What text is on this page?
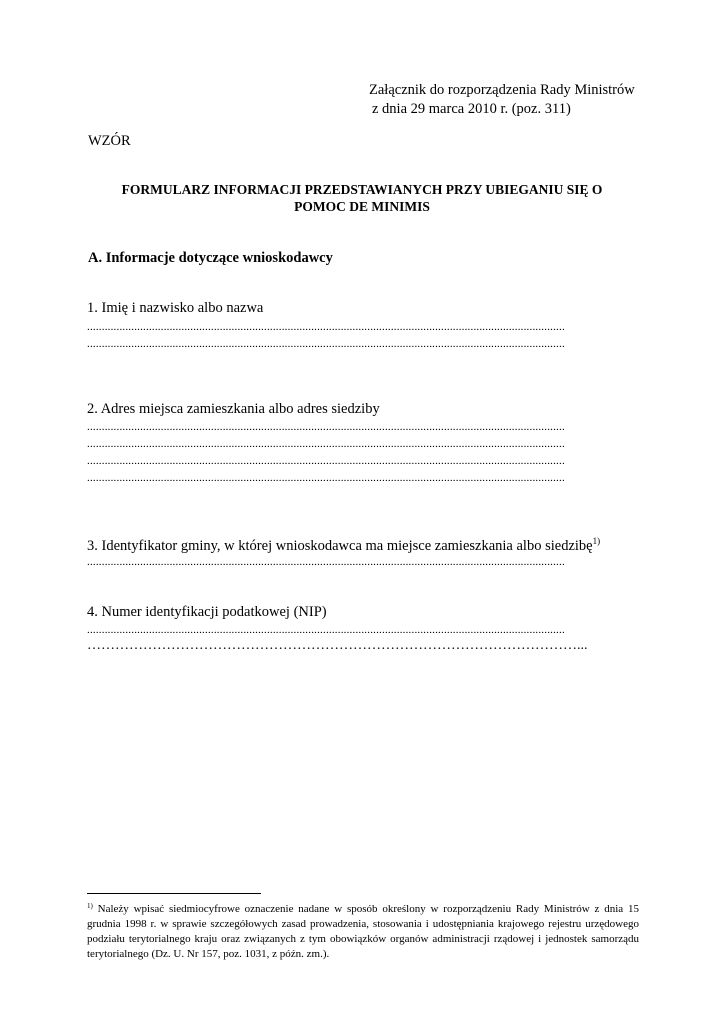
Załącznik do rozporządzenia Rady Ministrów
z dnia 29 marca 2010 r. (poz. 311)
WZÓR
FORMULARZ INFORMACJI PRZEDSTAWIANYCH PRZY UBIEGANIU SIĘ O
POMOC DE MINIMIS
A. Informacje dotyczące wnioskodawcy
1. Imię i nazwisko albo nazwa
..................................................................................................................................................................
..................................................................................................................................................................
2. Adres miejsca zamieszkania albo adres siedziby
..................................................................................................................................................................
..................................................................................................................................................................
..................................................................................................................................................................
..................................................................................................................................................................
3. Identyfikator gminy, w której wnioskodawca ma miejsce zamieszkania albo siedzibę$^{1)}$
..................................................................................................................................................................
4. Numer identyfikacji podatkowej (NIP)
..................................................................................................................................................................
……………………………………………………………………………………………...
$^{1)}$ Należy wpisać siedmiocyfrowe oznaczenie nadane w sposób określony w rozporządzeniu Rady Ministrów z dnia 15 grudnia 1998 r. w sprawie szczegółowych zasad prowadzenia, stosowania i udostępniania krajowego rejestru urzędowego podziału terytorialnego kraju oraz związanych z tym obowiązków organów administracji rządowej i jednostek samorządu terytorialnego (Dz. U. Nr 157, poz. 1031, z późn. zm.).
